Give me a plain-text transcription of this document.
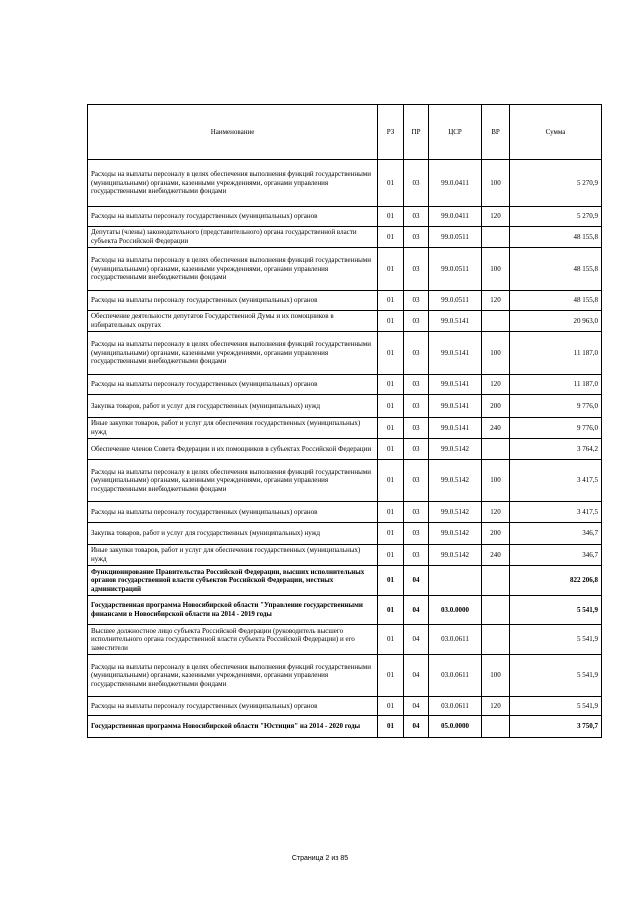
Наименование	РЗ	ПР	ЦСР	ВР	Сумма
Расходы на выплаты персоналу в целях обеспечения выполнения функций государственными (муниципальными) органами, казенными учреждениями, органами управления государственными внебюджетными фондами	01	03	99.0.0411	100	5 270,9
Расходы на выплаты персоналу государственных (муниципальных) органов	01	03	99.0.0411	120	5 270,9
Депутаты (члены) законодательного (представительного) органа государственной власти субъекта Российской Федерации	01	03	99.0.0511		48 155,8
Расходы на выплаты персоналу в целях обеспечения выполнения функций государственными (муниципальными) органами, казенными учреждениями, органами управления государственными внебюджетными фондами	01	03	99.0.0511	100	48 155,8
Расходы на выплаты персоналу государственных (муниципальных) органов	01	03	99.0.0511	120	48 155,8
Обеспечение деятельности депутатов Государственной Думы и их помощников в избирательных округах	01	03	99.0.5141		20 963,0
Расходы на выплаты персоналу в целях обеспечения выполнения функций государственными (муниципальными) органами, казенными учреждениями, органами управления государственными внебюджетными фондами	01	03	99.0.5141	100	11 187,0
Расходы на выплаты персоналу государственных (муниципальных) органов	01	03	99.0.5141	120	11 187,0
Закупка товаров, работ и услуг для государственных (муниципальных) нужд	01	03	99.0.5141	200	9 776,0
Иные закупки товаров, работ и услуг для обеспечения государственных (муниципальных) нужд	01	03	99.0.5141	240	9 776,0
Обеспечение членов Совета Федерации и их помощников в субъектах Российской Федерации	01	03	99.0.5142		3 764,2
Расходы на выплаты персоналу в целях обеспечения выполнения функций государственными (муниципальными) органами, казенными учреждениями, органами управления государственными внебюджетными фондами	01	03	99.0.5142	100	3 417,5
Расходы на выплаты персоналу государственных (муниципальных) органов	01	03	99.0.5142	120	3 417,5
Закупка товаров, работ и услуг для государственных (муниципальных) нужд	01	03	99.0.5142	200	346,7
Иные закупки товаров, работ и услуг для обеспечения государственных (муниципальных) нужд	01	03	99.0.5142	240	346,7
Функционирование Правительства Российской Федерации, высших исполнительных органов государственной власти субъектов Российской Федерации, местных администраций	01	04			822 206,8
Государственная программа Новосибирской области "Управление государственными финансами в Новосибирской области на 2014 - 2019 годы	01	04	03.0.0000		5 541,9
Высшее должностное лицо субъекта Российской Федерации (руководитель высшего исполнительного органа государственной власти субъекта Российской Федерации) и его заместители	01	04	03.0.0611		5 541,9
Расходы на выплаты персоналу в целях обеспечения выполнения функций государственными (муниципальными) органами, казенными учреждениями, органами управления государственными внебюджетными фондами	01	04	03.0.0611	100	5 541,9
Расходы на выплаты персоналу государственных (муниципальных) органов	01	04	03.0.0611	120	5 541,9
Государственная программа Новосибирской области "Юстиция" на 2014 - 2020 годы	01	04	05.0.0000		3 750,7
Страница 2 из 85
